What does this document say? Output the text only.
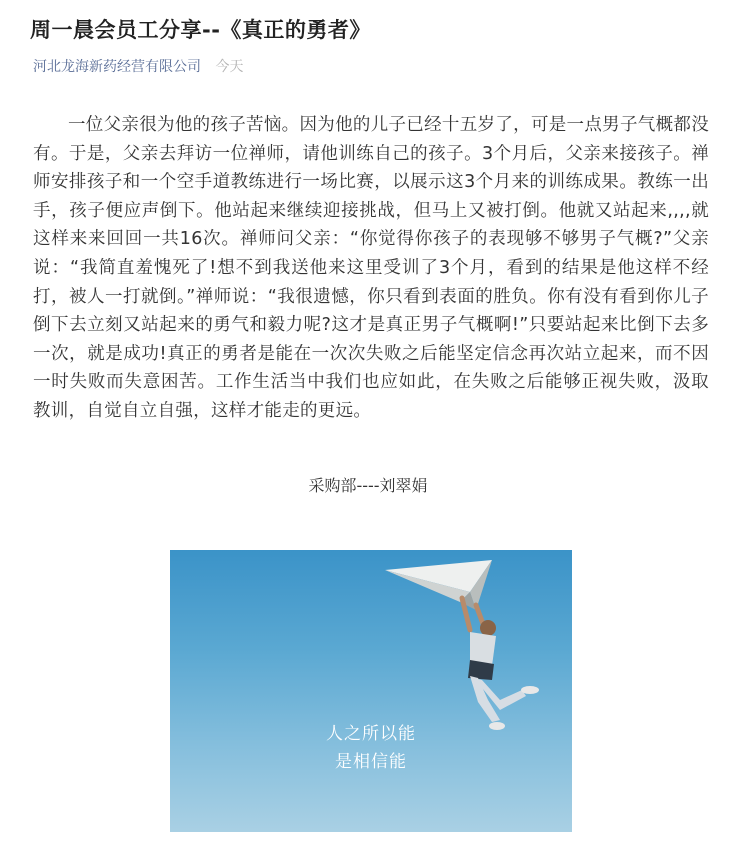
周一晨会员工分享--《真正的勇者》
河北龙海新药经营有限公司 今天

一位父亲很为他的孩子苦恼。因为他的儿子已经十五岁了，可是一点男子气概都没有。于是，父亲去拜访一位禅师，请他训练自己的孩子。3个月后，父亲来接孩子。禅师安排孩子和一个空手道教练进行一场比赛，以展示这3个月来的训练成果。教练一出手，孩子便应声倒下。他站起来继续迎接挑战，但马上又被打倒。他就又站起来,,,,就这样来来回回一共16次。禅师问父亲：“你觉得你孩子的表现够不够男子气概?”父亲说：“我简直羞愧死了!想不到我送他来这里受训了3个月，看到的结果是他这样不经打，被人一打就倒。”禅师说：“我很遗憾，你只看到表面的胜负。你有没有看到你儿子倒下去立刻又站起来的勇气和毅力呢?这才是真正男子气概啊!”只要站起来比倒下去多一次，就是成功!真正的勇者是能在一次次失败之后能坚定信念再次站立起来，而不因一时失败而失意困苦。工作生活当中我们也应如此，在失败之后能够正视失败，汲取教训，自觉自立自强，这样才能走的更远。

采购部----刘翠娟
人之所以能
是相信能
